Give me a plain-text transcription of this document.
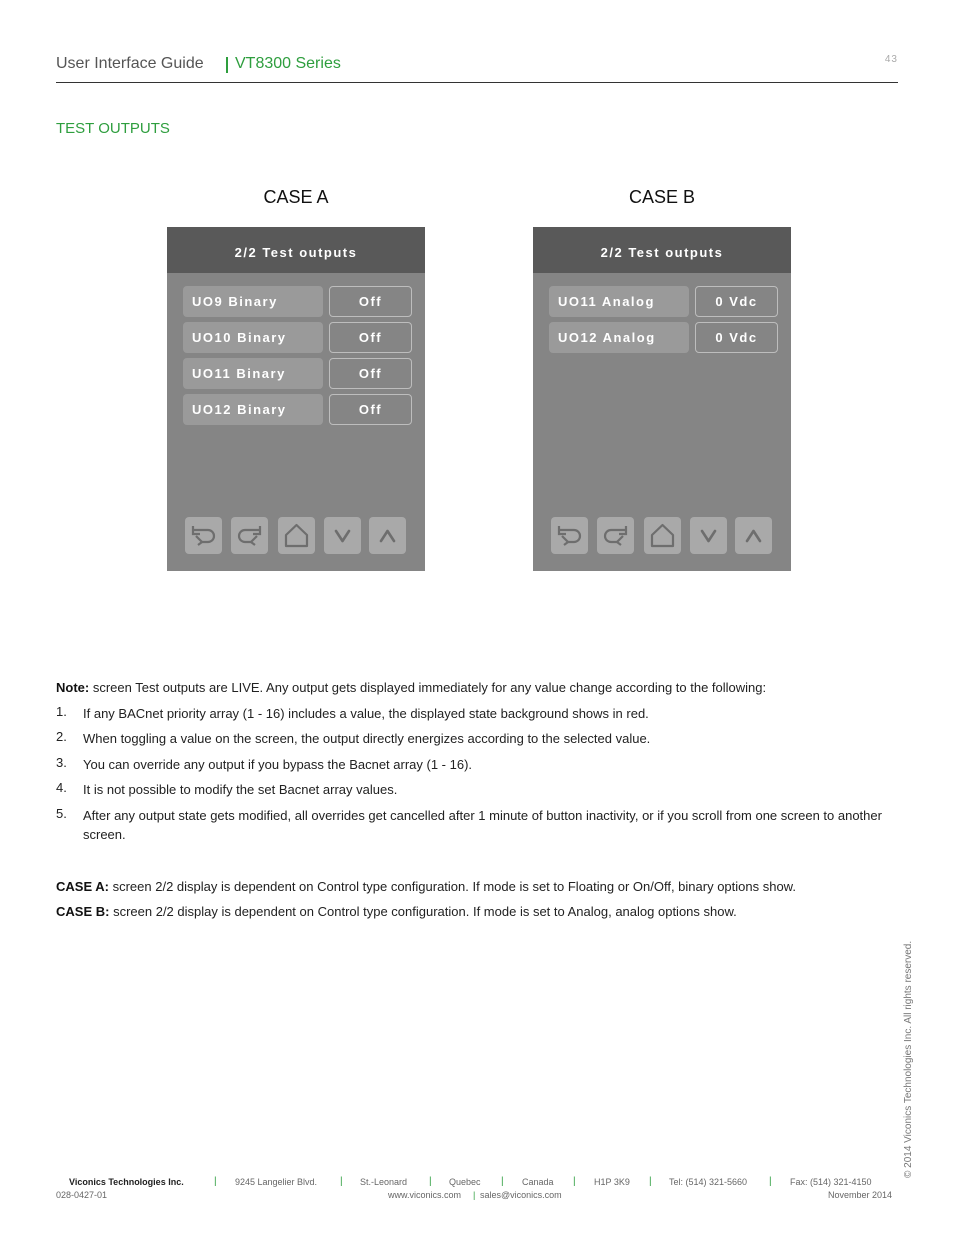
User Interface Guide VT8300 Series	43
TEST OUTPUTS
CASE A
2/2 Test outputs
UO9 Binary	Off
UO10 Binary	Off
UO11 Binary	Off
UO12 Binary	Off
CASE B
2/2 Test outputs
UO11 Analog	0 Vdc
UO12 Analog	0 Vdc
Note: screen Test outputs are LIVE. Any output gets displayed immediately for any value change according to the following:
1. If any BACnet priority array (1 - 16) includes a value, the displayed state background shows in red.
2. When toggling a value on the screen, the output directly energizes according to the selected value.
3. You can override any output if you bypass the Bacnet array (1 - 16).
4. It is not possible to modify the set Bacnet array values.
5. After any output state gets modified, all overrides get cancelled after 1 minute of button inactivity, or if you scroll from one screen to another screen.
CASE A: screen 2/2 display is dependent on Control type configuration. If mode is set to Floating or On/Off, binary options show.
CASE B: screen 2/2 display is dependent on Control type configuration. If mode is set to Analog, analog options show.
© 2014 Viconics Technologies Inc. All rights reserved.
Viconics Technologies Inc.	| 9245 Langelier Blvd. | St.-Leonard | Quebec | Canada | H1P 3K9 | Tel: (514) 321-5660 | Fax: (514) 321-4150
028-0427-01	www.viconics.com | sales@viconics.com	November 2014
